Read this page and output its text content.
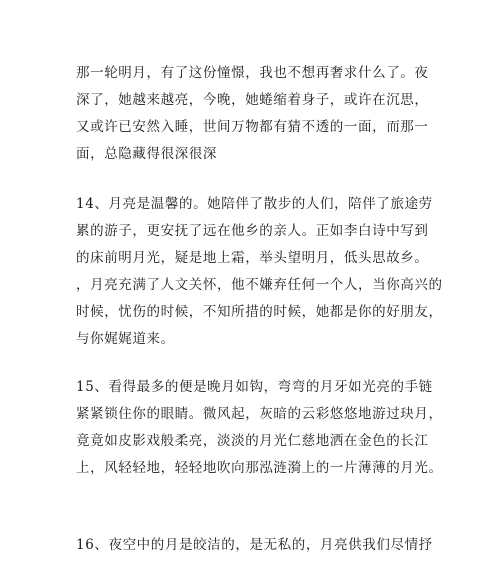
那一轮明月，有了这份憧憬，我也不想再奢求什么了。夜
深了，她越来越亮，今晚，她蜷缩着身子，或许在沉思，
又或许已安然入睡，世间万物都有猜不透的一面，而那一
面，总隐藏得很深很深

14、月亮是温馨的。她陪伴了散步的人们，陪伴了旅途劳
累的游子，更安抚了远在他乡的亲人。正如李白诗中写到
的床前明月光，疑是地上霜，举头望明月，低头思故乡。
，月亮充满了人文关怀，他不嫌弃任何一个人，当你高兴的
时候，忧伤的时候，不知所措的时候，她都是你的好朋友，
与你娓娓道来。

15、看得最多的便是晚月如钩，弯弯的月牙如光亮的手链
紧紧锁住你的眼睛。微风起，灰暗的云彩悠悠地游过玦月，
竟竟如皮影戏般柔亮，淡淡的月光仁慈地洒在金色的长江
上，风轻轻地，轻轻地吹向那泓涟漪上的一片薄薄的月光。

16、夜空中的月是皎洁的，是无私的，月亮供我们尽情抒
